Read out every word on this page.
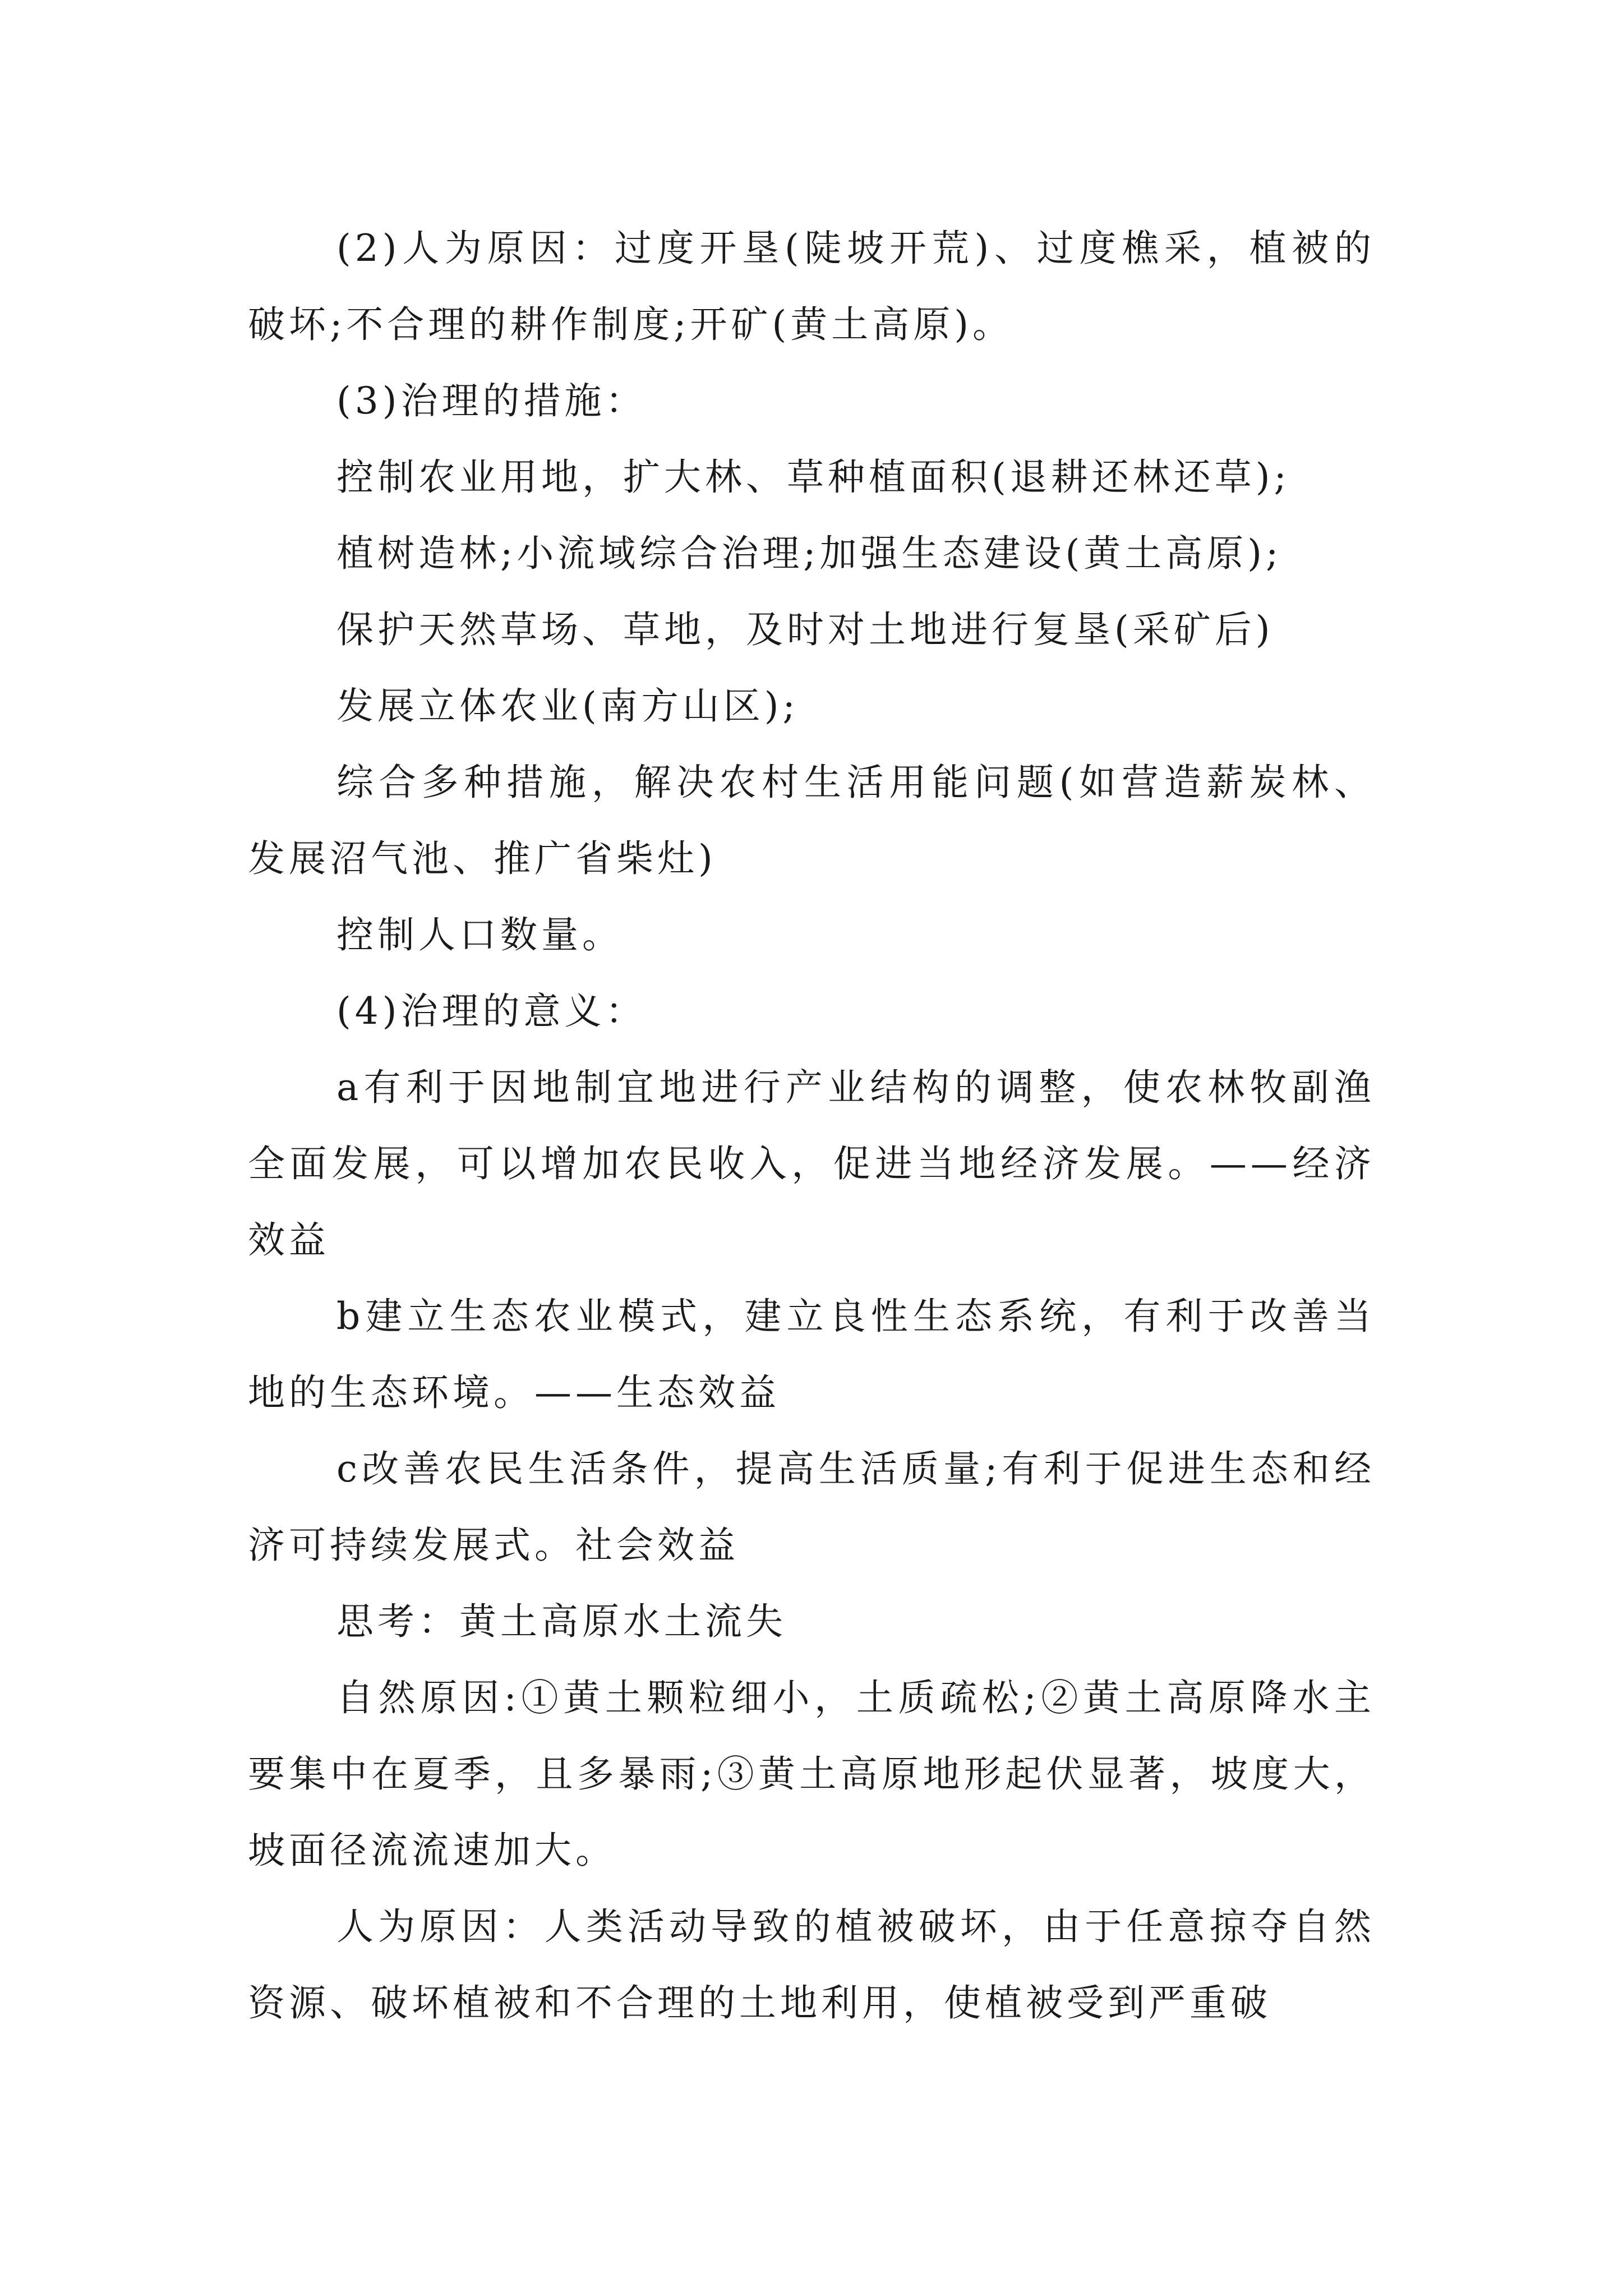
(2)人为原因：过度开垦(陡坡开荒)、过度樵采，植被的破坏;不合理的耕作制度;开矿(黄土高原)。

(3)治理的措施：

控制农业用地，扩大林、草种植面积(退耕还林还草);

植树造林;小流域综合治理;加强生态建设(黄土高原);

保护天然草场、草地，及时对土地进行复垦(采矿后)

发展立体农业(南方山区);

综合多种措施，解决农村生活用能问题(如营造薪炭林、发展沼气池、推广省柴灶)

控制人口数量。

(4)治理的意义：

a有利于因地制宜地进行产业结构的调整，使农林牧副渔全面发展，可以增加农民收入，促进当地经济发展。——经济效益

b建立生态农业模式，建立良性生态系统，有利于改善当地的生态环境。——生态效益

c改善农民生活条件，提高生活质量;有利于促进生态和经济可持续发展式。社会效益

思考：黄土高原水土流失

自然原因:①黄土颗粒细小，土质疏松;②黄土高原降水主要集中在夏季，且多暴雨;③黄土高原地形起伏显著，坡度大，坡面径流流速加大。

人为原因：人类活动导致的植被破坏，由于任意掠夺自然资源、破坏植被和不合理的土地利用，使植被受到严重破
